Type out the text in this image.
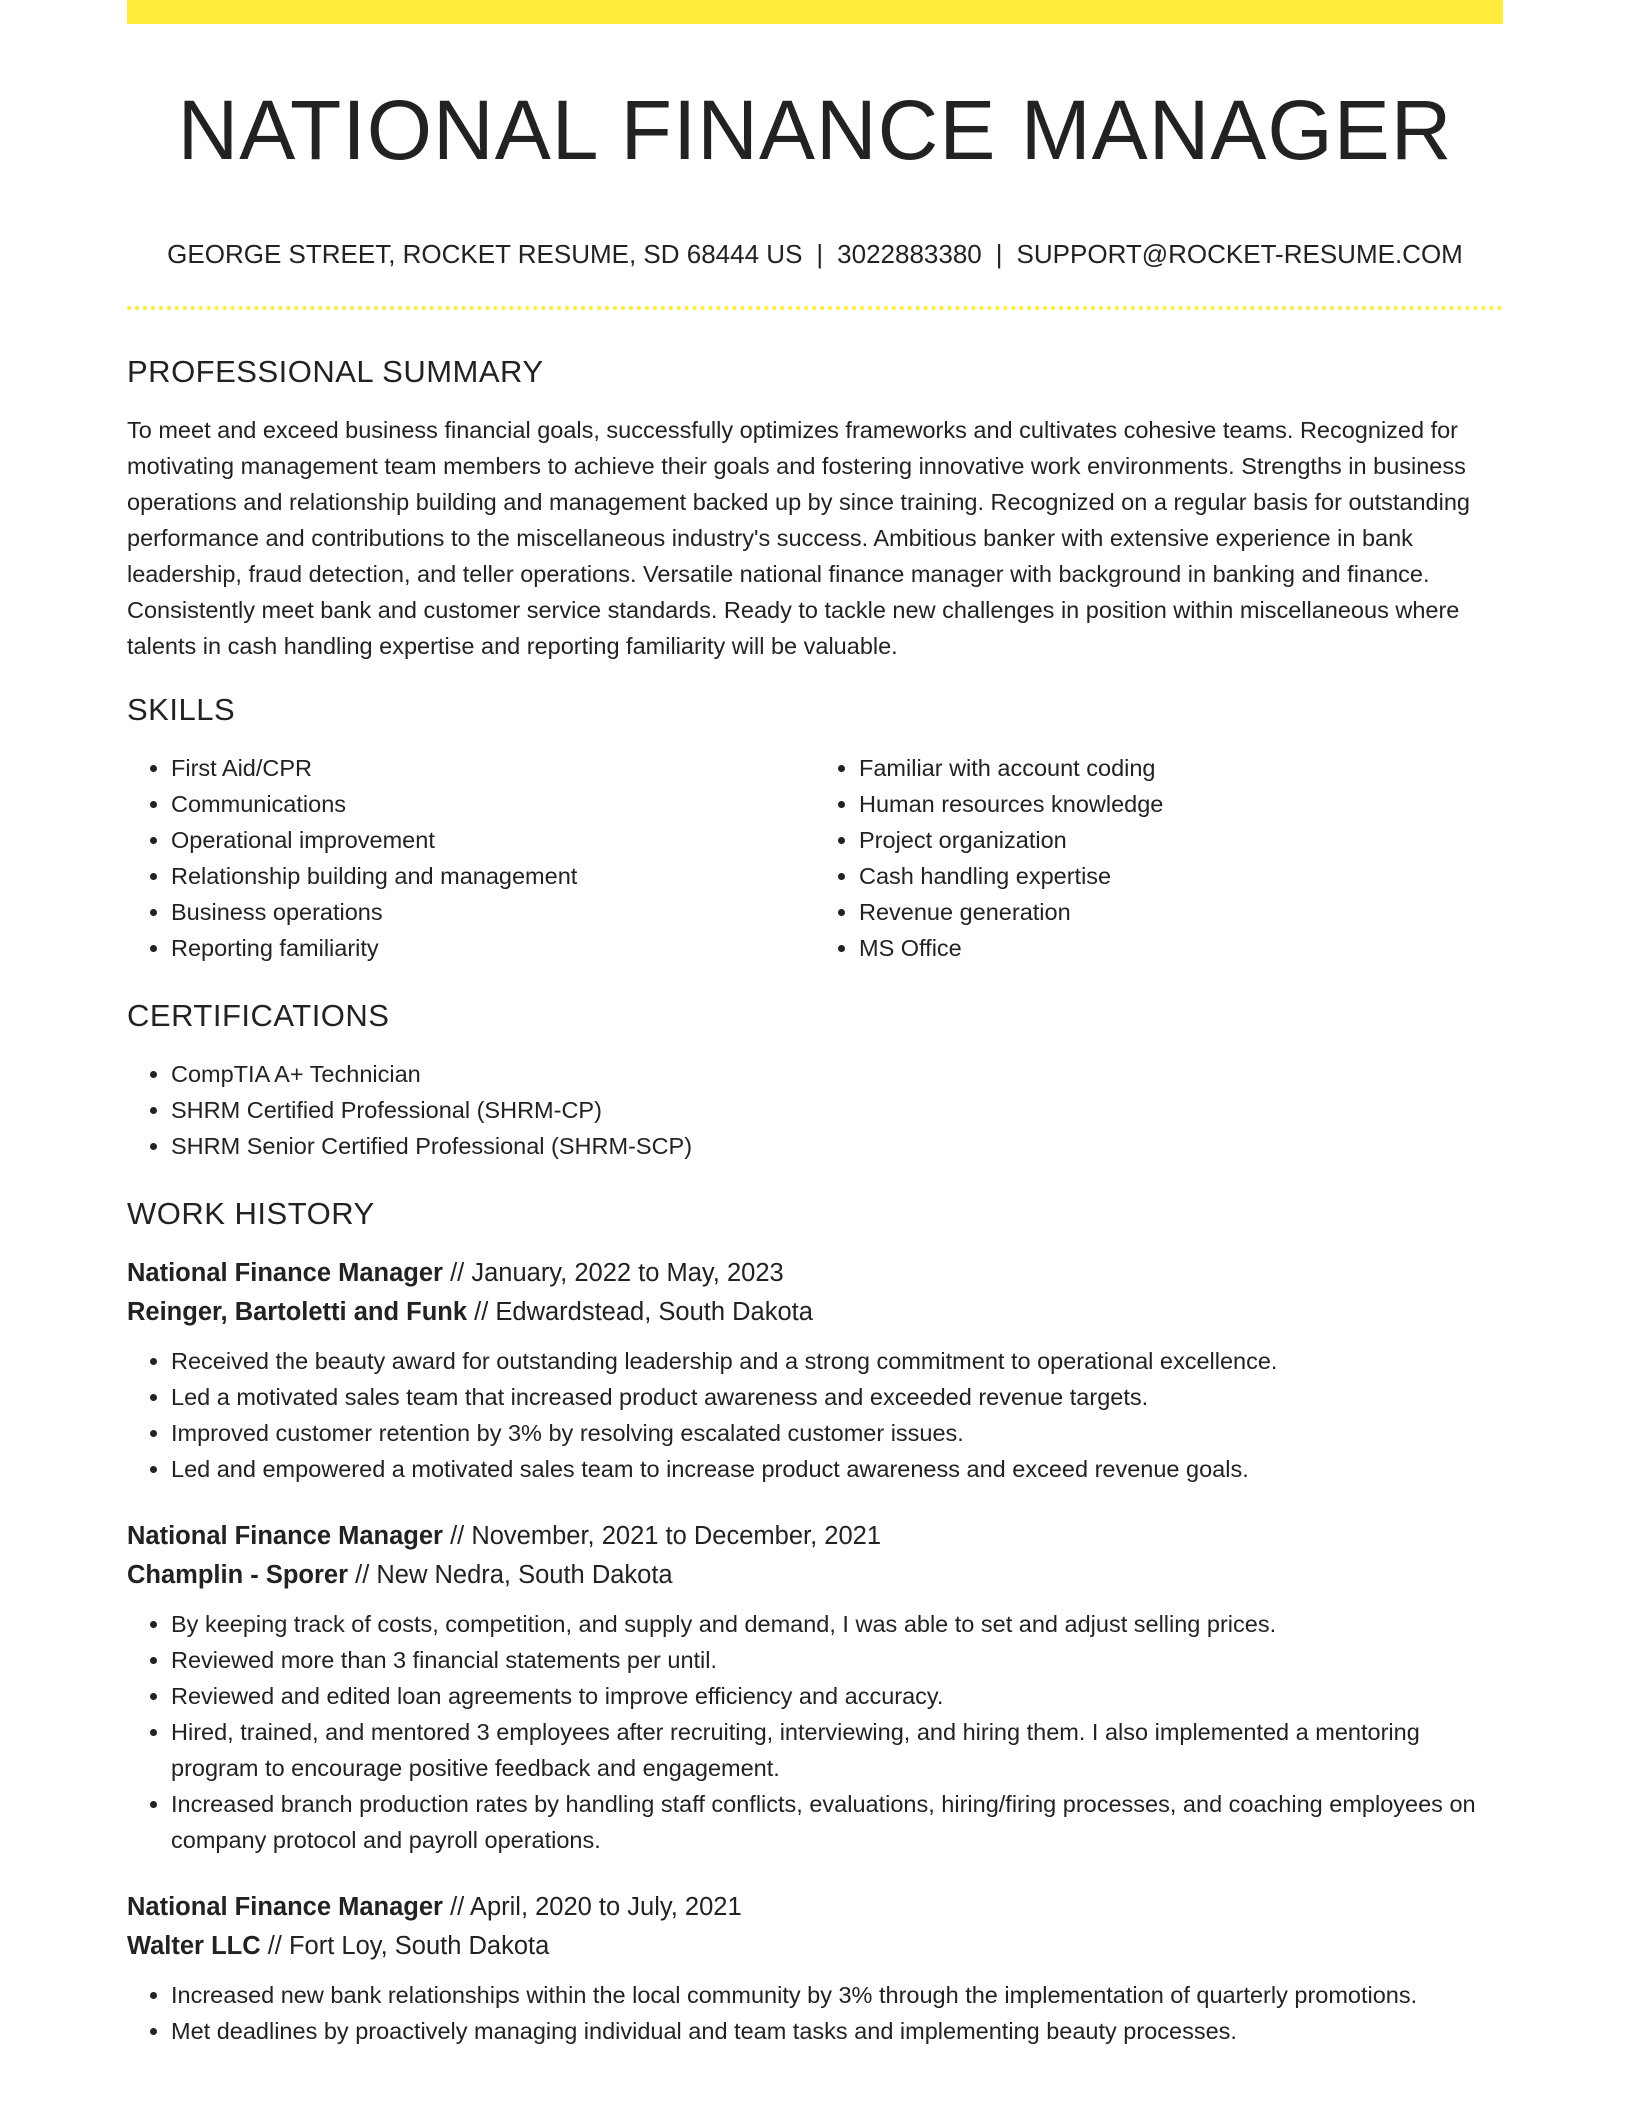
NATIONAL FINANCE MANAGER
GEORGE STREET, ROCKET RESUME, SD 68444 US | 3022883380 | SUPPORT@ROCKET-RESUME.COM
PROFESSIONAL SUMMARY

To meet and exceed business financial goals, successfully optimizes frameworks and cultivates cohesive teams. Recognized for motivating management team members to achieve their goals and fostering innovative work environments. Strengths in business operations and relationship building and management backed up by since training. Recognized on a regular basis for outstanding performance and contributions to the miscellaneous industry's success. Ambitious banker with extensive experience in bank leadership, fraud detection, and teller operations. Versatile national finance manager with background in banking and finance. Consistently meet bank and customer service standards. Ready to tackle new challenges in position within miscellaneous where talents in cash handling expertise and reporting familiarity will be valuable.

SKILLS
• First Aid/CPR
• Communications
• Operational improvement
• Relationship building and management
• Business operations
• Reporting familiarity
• Familiar with account coding
• Human resources knowledge
• Project organization
• Cash handling expertise
• Revenue generation
• MS Office
CERTIFICATIONS
• CompTIA A+ Technician
• SHRM Certified Professional (SHRM-CP)
• SHRM Senior Certified Professional (SHRM-SCP)
WORK HISTORY
National Finance Manager // January, 2022 to May, 2023
Reinger, Bartoletti and Funk // Edwardstead, South Dakota
• Received the beauty award for outstanding leadership and a strong commitment to operational excellence.
• Led a motivated sales team that increased product awareness and exceeded revenue targets.
• Improved customer retention by 3% by resolving escalated customer issues.
• Led and empowered a motivated sales team to increase product awareness and exceed revenue goals.
National Finance Manager // November, 2021 to December, 2021
Champlin - Sporer // New Nedra, South Dakota
• By keeping track of costs, competition, and supply and demand, I was able to set and adjust selling prices.
• Reviewed more than 3 financial statements per until.
• Reviewed and edited loan agreements to improve efficiency and accuracy.
• Hired, trained, and mentored 3 employees after recruiting, interviewing, and hiring them. I also implemented a mentoring program to encourage positive feedback and engagement.
• Increased branch production rates by handling staff conflicts, evaluations, hiring/firing processes, and coaching employees on company protocol and payroll operations.
National Finance Manager // April, 2020 to July, 2021
Walter LLC // Fort Loy, South Dakota
• Increased new bank relationships within the local community by 3% through the implementation of quarterly promotions.
• Met deadlines by proactively managing individual and team tasks and implementing beauty processes.
